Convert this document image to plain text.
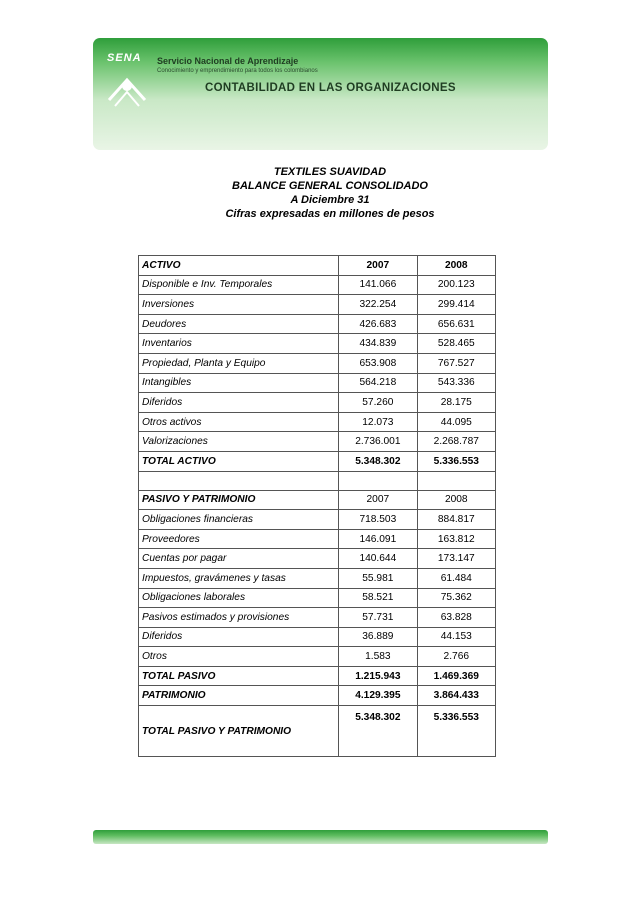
SENA Servicio Nacional de Aprendizaje
Conocimiento y emprendimiento para todos los colombianos
CONTABILIDAD EN LAS ORGANIZACIONES
TEXTILES SUAVIDAD
BALANCE GENERAL CONSOLIDADO
A Diciembre 31
Cifras expresadas en millones de pesos
ACTIVO	2007	2008
Disponible e Inv. Temporales	141.066	200.123
Inversiones	322.254	299.414
Deudores	426.683	656.631
Inventarios	434.839	528.465
Propiedad, Planta y Equipo	653.908	767.527
Intangibles	564.218	543.336
Diferidos	57.260	28.175
Otros activos	12.073	44.095
Valorizaciones	2.736.001	2.268.787
TOTAL ACTIVO	5.348.302	5.336.553

PASIVO Y PATRIMONIO	2007	2008
Obligaciones financieras	718.503	884.817
Proveedores	146.091	163.812
Cuentas por pagar	140.644	173.147
Impuestos, gravámenes y tasas	55.981	61.484
Obligaciones laborales	58.521	75.362
Pasivos estimados y provisiones	57.731	63.828
Diferidos	36.889	44.153
Otros	1.583	2.766
TOTAL PASIVO	1.215.943	1.469.369
PATRIMONIO	4.129.395	3.864.433
TOTAL PASIVO Y PATRIMONIO	5.348.302	5.336.553
